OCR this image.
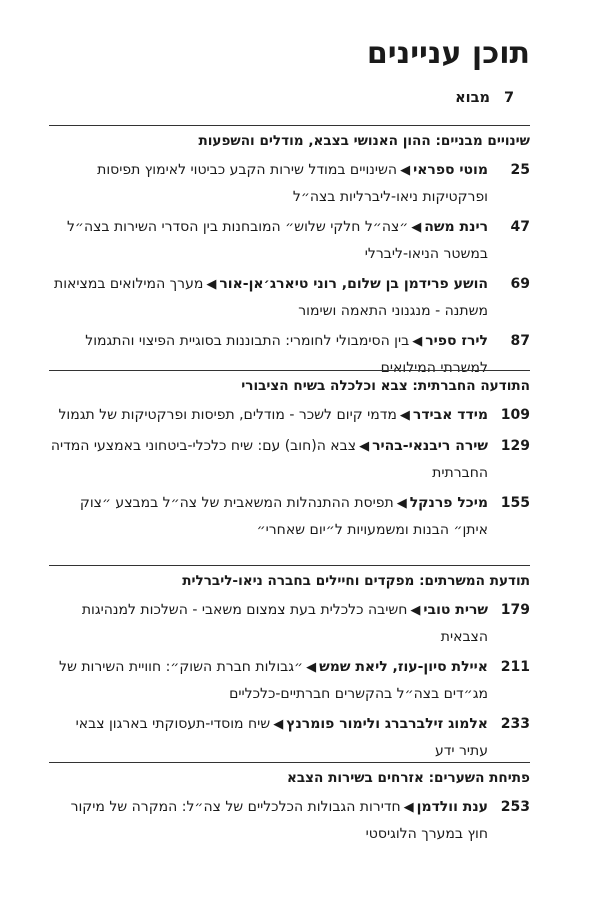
תוכן עניינים
7מבוא
שינויים מבניים: ההון האנושי בצבא, מודלים והשפעות
25
מוטי ספראי◀השינויים במודל שירות הקבע כביטוי לאימוץ תפיסות ופרקטיקות ניאו-ליברליות בצה״ל
47
רינת משה◀״צה״ל חלקי שלוש״ המובחנות בין הסדרי השירות בצה״ל במשטר הניאו-ליברלי
69
הושע פרידמן בן שלום, רוני טיארג׳אן-אור◀מערך המילואים במציאות משתנה - מנגנוני התאמה ושימור
87
לירז ספיר◀בין הסימבולי לחומרי: התבוננות בסוגיית הפיצוי והתגמול למשרתי המילואים
התודעה החברתית: צבא וכלכלה בשיח הציבורי
109
מידד אבידר◀מדמי קיום לשכר - מודלים, תפיסות ופרקטיקות של תגמול
129
שירה ריבנאי-בהיר◀צבא ה(חוב) עם: שיח כלכלי-ביטחוני באמצעי המדיה החברתית
155
מיכל פרנקל◀תפיסת ההתנהלות המשאבית של צה״ל במבצע ״צוק איתן״ הבנות ומשמעויות ל״יום שאחרי״
תודעת המשרתים: מפקדים וחיילים בחברה ניאו-ליברלית
179
שרית טובי◀חשיבה כלכלית בעת צמצום משאבי - השלכות למנהיגות הצבאית
211
איילת סיון-עוז, ליאת שמש◀״גבולות חברת השוק״: חוויית השירות של מג״דים בצה״ל בהקשרים חברתיים-כלכליים
233
אלמוג זילברברג ולימור פומרנץ◀שיח מוסדי-תעסוקתי בארגון צבאי עתיר ידע
פתיחת השערים: אזרחים בשירות הצבא
253
ענת וולדמן◀חדירות הגבולות הכלכליים של צה״ל: המקרה של מיקור חוץ במערך הלוגיסטי
